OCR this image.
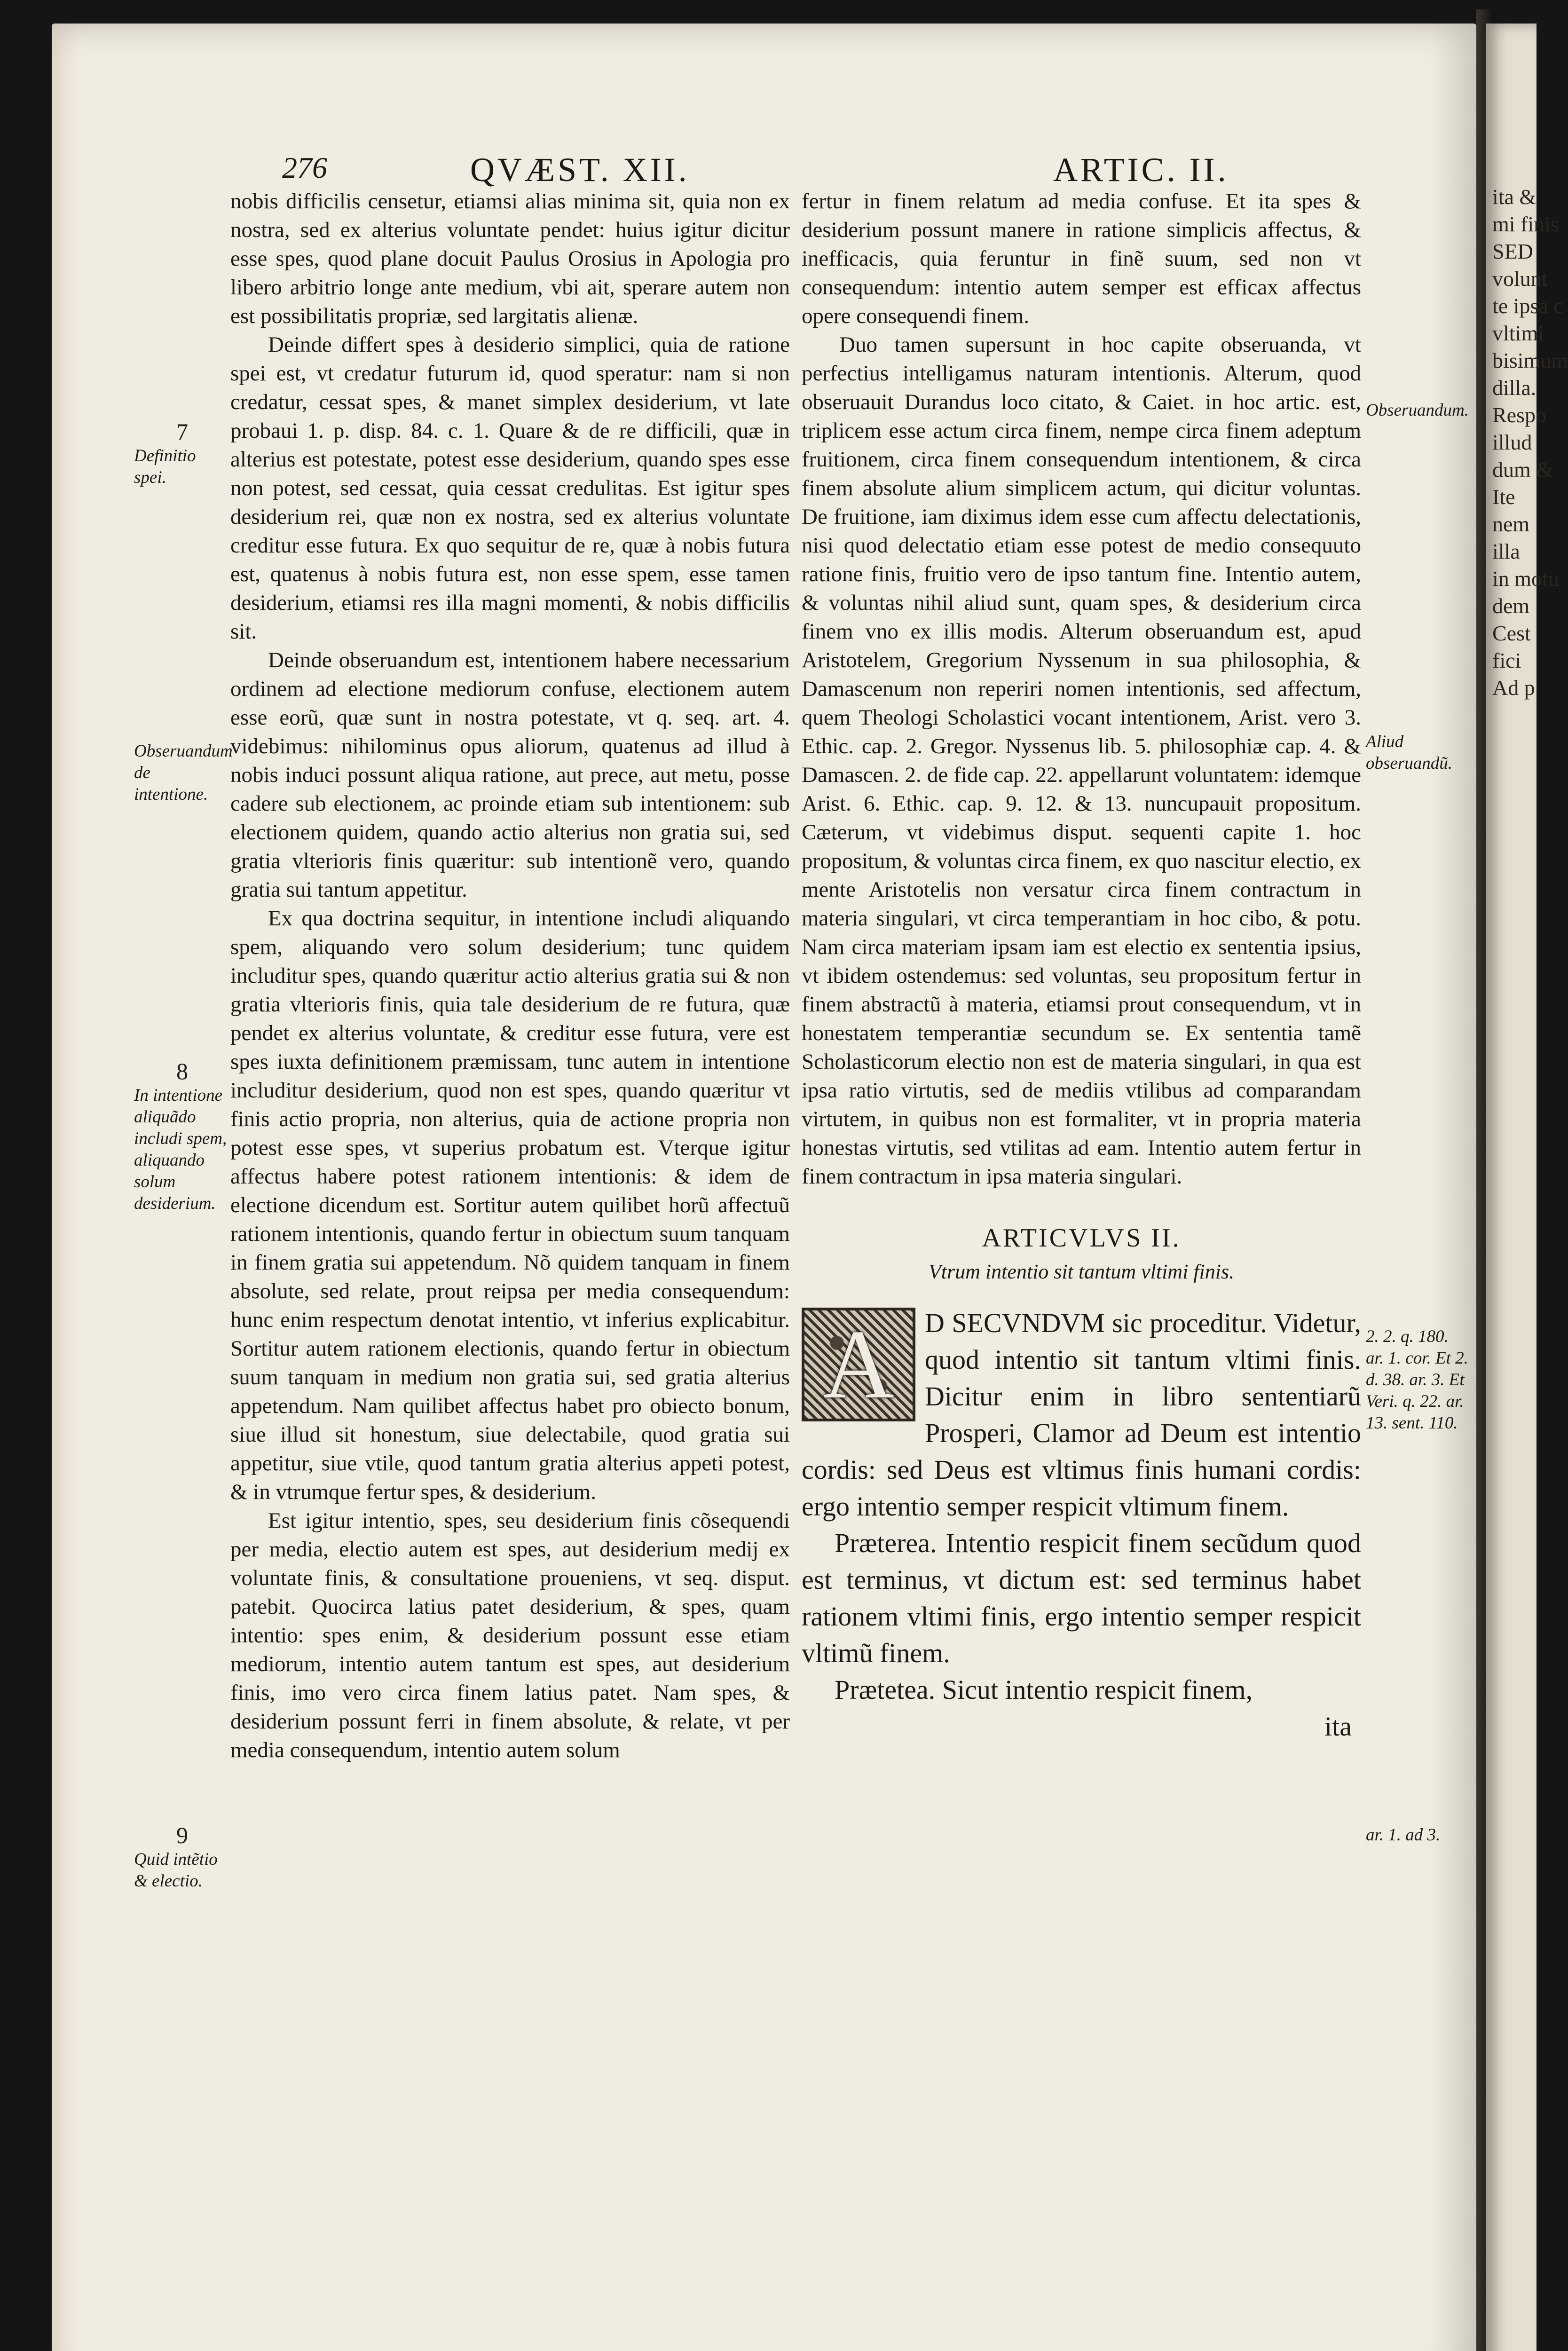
276	QVÆST. XII.	ARTIC. II.

nobis difficilis censetur, etiamsi alias minima sit, quia non ex nostra, sed ex alterius voluntate pendet: huius igitur dicitur esse spes, quod plane docuit Paulus Orosius in Apologia pro libero arbitrio longe ante medium, vbi ait, sperare autem non est possibilitatis propriæ, sed largitatis alienæ.

Deinde differt spes à desiderio simplici, quia de ratione spei est, vt credatur futurum id, quod speratur: nam si non credatur, cessat spes, & manet simplex desiderium, vt late probaui 1. p. disp. 84. c. 1. Quare & de re difficili, quæ in alterius est potestate, potest esse desiderium, quando spes esse non potest, sed cessat, quia cessat credulitas. Est igitur spes desiderium rei, quæ non ex nostra, sed ex alterius voluntate creditur esse futura. Ex quo sequitur de re, quæ à nobis futura est, quatenus à nobis futura est, non esse spem, esse tamen desiderium, etiamsi res illa magni momenti, & nobis difficilis sit.

Deinde obseruandum est, intentionem habere necessarium ordinem ad electione mediorum confuse, electionem autem esse eorũ, quæ sunt in nostra potestate, vt q. seq. art. 4. videbimus: nihilominus opus aliorum, quatenus ad illud à nobis induci possunt aliqua ratione, aut prece, aut metu, posse cadere sub electionem, ac proinde etiam sub intentionem: sub electionem quidem, quando actio alterius non gratia sui, sed gratia vlterioris finis quæritur: sub intentionẽ vero, quando gratia sui tantum appetitur.

Ex qua doctrina sequitur, in intentione includi aliquando spem, aliquando vero solum desiderium; tunc quidem includitur spes, quando quæritur actio alterius gratia sui & non gratia vlterioris finis, quia tale desiderium de re futura, quæ pendet ex alterius voluntate, & creditur esse futura, vere est spes iuxta definitionem præmissam, tunc autem in intentione includitur desiderium, quod non est spes, quando quæritur vt finis actio propria, non alterius, quia de actione propria non potest esse spes, vt superius probatum est. Vterque igitur affectus habere potest rationem intentionis: & idem de electione dicendum est. Sortitur autem quilibet horũ affectuũ rationem intentionis, quando fertur in obiectum suum tanquam in finem gratia sui appetendum. Nõ quidem tanquam in finem absolute, sed relate, prout reipsa per media consequendum: hunc enim respectum denotat intentio, vt inferius explicabitur. Sortitur autem rationem electionis, quando fertur in obiectum suum tanquam in medium non gratia sui, sed gratia alterius appetendum. Nam quilibet affectus habet pro obiecto bonum, siue illud sit honestum, siue delectabile, quod gratia sui appetitur, siue vtile, quod tantum gratia alterius appeti potest, & in vtrumque fertur spes, & desiderium.

Est igitur intentio, spes, seu desiderium finis cõsequendi per media, electio autem est spes, aut desiderium medij ex voluntate finis, & consultatione proueniens, vt seq. disput. patebit. Quocirca latius patet desiderium, & spes, quam intentio: spes enim, & desiderium possunt esse etiam mediorum, intentio autem tantum est spes, aut desiderium finis, imo vero circa finem latius patet. Nam spes, & desiderium possunt ferri in finem absolute, & relate, vt per media consequendum, intentio autem solum

fertur in finem relatum ad media confuse. Et ita spes & desiderium possunt manere in ratione simplicis affectus, & inefficacis, quia feruntur in finẽ suum, sed non vt consequendum: intentio autem semper est efficax affectus opere consequendi finem.

Duo tamen supersunt in hoc capite obseruanda, vt perfectius intelligamus naturam intentionis. Alterum, quod obseruauit Durandus loco citato, & Caiet. in hoc artic. est, triplicem esse actum circa finem, nempe circa finem adeptum fruitionem, circa finem consequendum intentionem, & circa finem absolute alium simplicem actum, qui dicitur voluntas. De fruitione, iam diximus idem esse cum affectu delectationis, nisi quod delectatio etiam esse potest de medio consequuto ratione finis, fruitio vero de ipso tantum fine. Intentio autem, & voluntas nihil aliud sunt, quam spes, & desiderium circa finem vno ex illis modis. Alterum obseruandum est, apud Aristotelem, Gregorium Nyssenum in sua philosophia, & Damascenum non reperiri nomen intentionis, sed affectum, quem Theologi Scholastici vocant intentionem, Arist. vero 3. Ethic. cap. 2. Gregor. Nyssenus lib. 5. philosophiæ cap. 4. & Damascen. 2. de fide cap. 22. appellarunt voluntatem: idemque Arist. 6. Ethic. cap. 9. 12. & 13. nuncupauit propositum. Cæterum, vt videbimus disput. sequenti capite 1. hoc propositum, & voluntas circa finem, ex quo nascitur electio, ex mente Aristotelis non versatur circa finem contractum in materia singulari, vt circa temperantiam in hoc cibo, & potu. Nam circa materiam ipsam iam est electio ex sententia ipsius, vt ibidem ostendemus: sed voluntas, seu propositum fertur in finem abstractũ à materia, etiamsi prout consequendum, vt in honestatem temperantiæ secundum se. Ex sententia tamẽ Scholasticorum electio non est de materia singulari, in qua est ipsa ratio virtutis, sed de mediis vtilibus ad comparandam virtutem, in quibus non est formaliter, vt in propria materia honestas virtutis, sed vtilitas ad eam. Intentio autem fertur in finem contractum in ipsa materia singulari.

ARTICVLVS II.
Vtrum intentio sit tantum vltimi finis.
A	D SECVNDVM sic proceditur. Videtur, quod intentio sit tantum vltimi finis. Dicitur enim in libro sententiarũ Prosperi, Clamor ad Deum est intentio cordis: sed Deus est vltimus finis humani cordis: ergo intentio semper respicit vltimum finem.

Præterea. Intentio respicit finem secũdum quod est terminus, vt dictum est: sed terminus habet rationem vltimi finis, ergo intentio semper respicit vltimũ finem.

Prætetea. Sicut intentio respicit finem,

ita
7
Definitio spei.
Obseruandum de intentione.
8
In intentione aliquãdo includi spem, aliquando solum desiderium.
9
Quid intẽtio & electio.
Obseruandum.
Aliud obseruandũ.
2. 2. q. 180. ar. 1. cor. Et 2. d. 38. ar. 3. Et Veri. q. 22. ar. 13. sent. 110.
ar. 1. ad 3.

ita &

mi finis

SED

volunt

te ipsa c

vltimi

bisimum

dilla.

Respo

illud

dum &

Ite

nem

illa

in motu

dem

Cest

fici

Ad p
